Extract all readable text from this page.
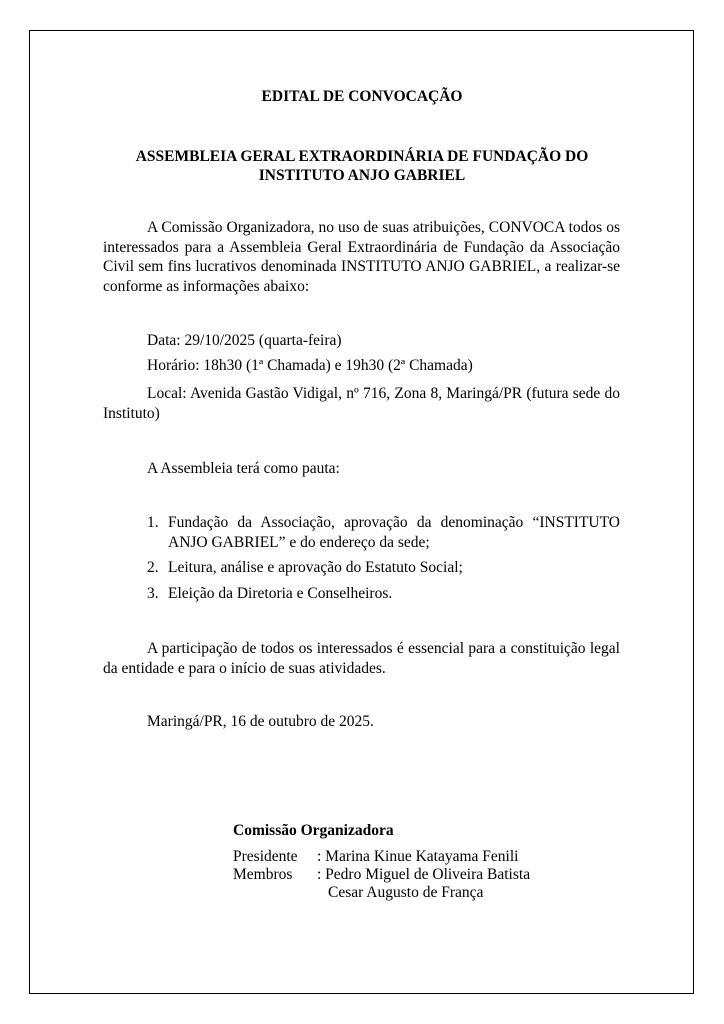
EDITAL DE CONVOCAÇÃO
ASSEMBLEIA GERAL EXTRAORDINÁRIA DE FUNDAÇÃO DO
INSTITUTO ANJO GABRIEL
A Comissão Organizadora, no uso de suas atribuições, CONVOCA todos os interessados para a Assembleia Geral Extraordinária de Fundação da Associação Civil sem fins lucrativos denominada INSTITUTO ANJO GABRIEL, a realizar-se conforme as informações abaixo:
Data: 29/10/2025 (quarta-feira)
Horário: 18h30 (1ª Chamada) e 19h30 (2ª Chamada)
Local: Avenida Gastão Vidigal, nº 716, Zona 8, Maringá/PR (futura sede do Instituto)
A Assembleia terá como pauta:
1. Fundação da Associação, aprovação da denominação “INSTITUTO ANJO GABRIEL” e do endereço da sede;
2. Leitura, análise e aprovação do Estatuto Social;
3. Eleição da Diretoria e Conselheiros.
A participação de todos os interessados é essencial para a constituição legal da entidade e para o início de suas atividades.
Maringá/PR, 16 de outubro de 2025.
Comissão Organizadora
Presidente	: Marina Kinue Katayama Fenili
Membros	: Pedro Miguel de Oliveira Batista
Cesar Augusto de França
